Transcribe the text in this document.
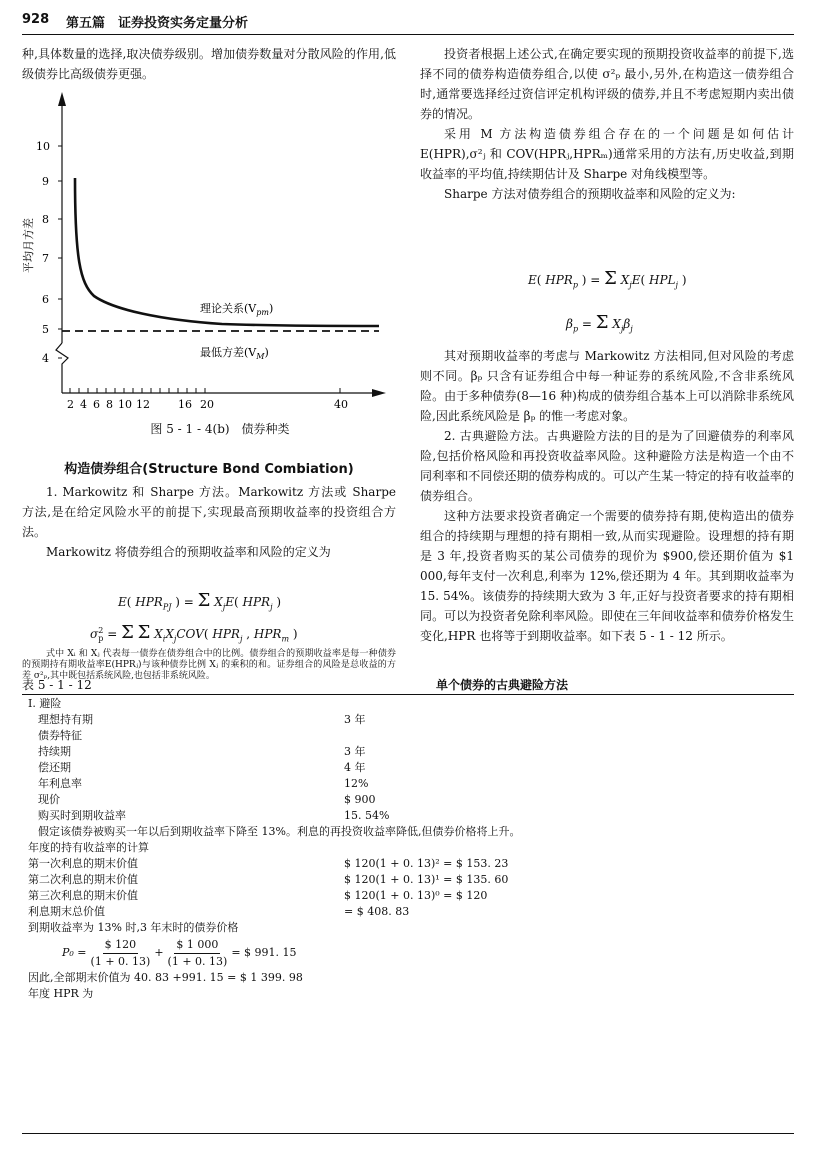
928 第五篇　证券投资实务定量分析

种,具体数量的选择,取决债券级别。增加债券数量对分散风险的作用,低级债券比高级债券更强。

4
5
6
7
8
9
10
平均月方差
2 4 6 8 10 12	16 20	40
理论关系$(V_{pm})$
最低方差$(V_M)$
图 5 - 1 - 4(b)　债券种类
构造债券组合(Structure Bond Combiation)

1. Markowitz 和 Sharpe 方法。Markowitz 方法或 Sharpe 方法,是在给定风险水平的前提下,实现最高预期收益率的投资组合方法。

Markowitz 将债券组合的预期收益率和风险的定义为

E( $HPR_{PJ}$ ) = Σ $X_jE$( $HPR_j$ )
$\sigma^2_p = \Sigma$ Σ $X_iX_jCOV$( $HPR_j$ , $HPR_m$ )

投资者根据上述公式,在确定要实现的预期投资收益率的前提下,选择不同的债券构造债券组合,以使 σ²ₚ 最小,另外,在构造这一债券组合时,通常要选择经过资信评定机构评级的债券,并且不考虑短期内卖出债券的情况。

采用 M 方法构造债券组合存在的一个问题是如何估计 E(HPR),σ²ⱼ 和 COV(HPRⱼ,HPRₘ)通常采用的方法有,历史收益,到期收益率的平均值,持续期估计及 Sharpe 对角线模型等。

Sharpe 方法对债券组合的预期收益率和风险的定义为:

E( $HPR_p$ ) = Σ $X_jE$( $HPL_j$ )
$\beta_p = \Sigma$ $X_j\beta_j$

其对预期收益率的考虑与 Markowitz 方法相同,但对风险的考虑则不同。βₚ 只含有证券组合中每一种证券的系统风险,不含非系统风险。由于多种债券(8—16 种)构成的债券组合基本上可以消除非系统风险,因此系统风险是 βₚ 的惟一考虑对象。

2. 古典避险方法。古典避险方法的目的是为了回避债券的利率风险,包括价格风险和再投资收益率风险。这种避险方法是构造一个由不同利率和不同偿还期的债券构成的。可以产生某一特定的持有收益率的债券组合。

这种方法要求投资者确定一个需要的债券持有期,使构造出的债券组合的持续期与理想的持有期相一致,从而实现避险。设理想的持有期是 3 年,投资者购买的某公司债券的现价为 $900,偿还期价值为 $1 000,每年支付一次利息,利率为 12%,偿还期为 4 年。其到期收益率为 15. 54%。该债券的持续期大致为 3 年,正好与投资者要求的持有期相同。可以为投资者免除利率风险。即使在三年间收益率和债券价格发生变化,HPR 也将等于到期收益率。如下表 5 - 1 - 12 所示。

表 5 - 1 - 12	单个债券的古典避险方法
I. 避险
理想持有期	3 年
债券特征
持续期	3 年
偿还期	4 年
年利息率	12%
现价	$ 900
购买时到期收益率	15. 54%
假定该债券被购买一年以后到期收益率下降至 13%。利息的再投资收益率降低,但债券价格将上升。
年度的持有收益率的计算
第一次利息的期末价值	$ 120(1 + 0. 13)² = $ 153. 23
第二次利息的期末价值	$ 120(1 + 0. 13)¹ = $ 135. 60
第三次利息的期末价值	$ 120(1 + 0. 13)⁰ = $ 120
利息期末总价值	= $ 408. 83
到期收益率为 13% 时,3 年末时的债券价格
$P_0 = \frac{\$ 120}{(1 + 0. 13)} + \frac{\$ 1 000}{(1 + 0. 13)}$ = $ 991. 15
因此,全部期末价值为 40. 83 +991. 15 = $ 1 399. 98
年度 HPR 为

式中 Xᵢ 和 Xⱼ 代表每一债券在债券组合中的比例。债券组合的预期收益率是每一种债券的预期持有期收益率E(HPRⱼ)与该种债券比例 Xⱼ 的乘积的和。证券组合的风险是总收益的方差 σ²ₚ,其中既包括系统风险,也包括非系统风险。
